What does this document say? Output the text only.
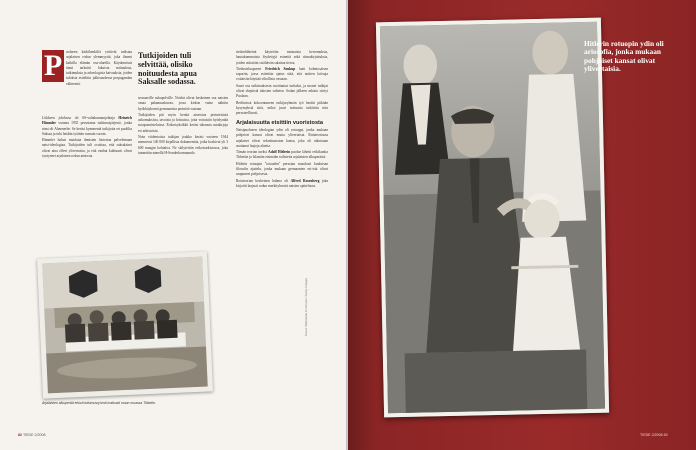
P	uolueen kärkihenkilöt yrittivät todistaa arjalaisen rodun ylemmyyttä, joka ilmeni kaikilla elämän osa-alueilla. Käytännössä tämä tarkoitti lukuisia mittauksia, tutkimuksia ja arkeologisia kaivauksia, joiden tuloksia esiteltiin julkisuudessa propagandan välineenä.

Liikkeen johdossa oli SS-valtakunnanjohtaja Heinrich Himmler vuonna 1935 perustama tutkimusjärjestö, jonka nimi oli Ahnenerbe. Se keräsi kymmeniä tutkijoita eri puolilta Saksaa ja tuki heidän työtään runsain varoin.

Himmler halusi muokata ihmisten historiaa palvelemaan natsi-ideologiaa. Tutkijoiden tuli osoittaa, että saksalaiset olivat aina olleet ylivertaisia, ja että vanhat kulttuurit olivat syntyneet arjalaisen rodun ansiosta.

Tutkijoiden tuli selvittää, olisiko noituudesta apua Saksalle sodassa.

seuraaville sukupolville. Noidat olivat keskeinen osa natsien omaa pakanuuskuvaa, jossa kirkon vaino nähtiin hyökkäyksenä germaanista perintöä vastaan.

Tutkijoiden piti myös kerätä aineistoa perinteisistä uskomuksista, tavoista ja loitsuista, joita voitaisiin hyödyntää sotaponnisteluissa. Erikoisyksikkö keräsi tuhansia asiakirjoja eri arkistoista.

Noin viidentoista tutkijan joukko keräsi vuoteen 1944 mennessä 140 000 kirjallista dokumenttia, jotka koskivat yli 3 600 maagin kohtaloa. Ne säilytettiin erikoisarkistossa, joka tunnettiin nimellä H-Sonderkommando.

tiedonlähteinä käytettiin muinaisia kertomuksia, hautakummuista löydettyjä esineitä sekä riimukirjoituksia, joiden uskottiin sisältävän salattua tietoa.

Tiedusteluupseeri Friedrich Soukup laati kolmiosaisen raportin, jossa esitettiin ajatus siitä, että noitien loitsuja voitaisiin käyttää vihollista vastaan.

Suuri osa tutkimuksesta osoittautui turhaksi, ja monet tutkijat olivat skeptisiä tulosten suhteen. Sodan jälkeen arkisto siirtyi Puolaan.

Berliinissä kokoontuneen tutkijaryhmän työ herätti pitkään kysymyksiä siitä, miksi juuri noituutta tutkittiin niin perusteellisesti.

Arjalaisuutta etsittiin vuoristosta

Natsipuolueen ideologian ydin oli rotuoppi, jonka mukaan pohjoiset kansat olivat muita ylivertaisia. Rotuteoriassa arjalaiset olivat sekoittumaton kansa, joka oli aikoinaan asuttanut laajoja alueita.

Tämän teorian tueksi Adolf Hitlerin puolue lähetti retkikuntia Tiibetiin ja Islantiin etsimään todisteita arjalaisten alkuperästä.

Hitlerin rotuopin "totuuden" perustan muodosti kuuluisan filosofin ajattelu, jonka mukaan germaanien esi-isät olivat saapuneet pohjoisesta.

Rotuteorian keskeinen hahmo oli Alfred Rosenberg joka kirjoitti laajasti rodun merkityksestä natsien ajattelussa.

Arjalaisten alkuperää etsivä tutkimusryhmä matkusti muun muassa Tiibetiin.
Kuvat: Wikimedia Commons / Getty Images
82 TIEDE 2/2008
Hitlerin rotuopin ydin oli ariosofia, jonka mukaan pohjoiset kansat olivat ylivertaisia.
TIEDE 2/2008 83
